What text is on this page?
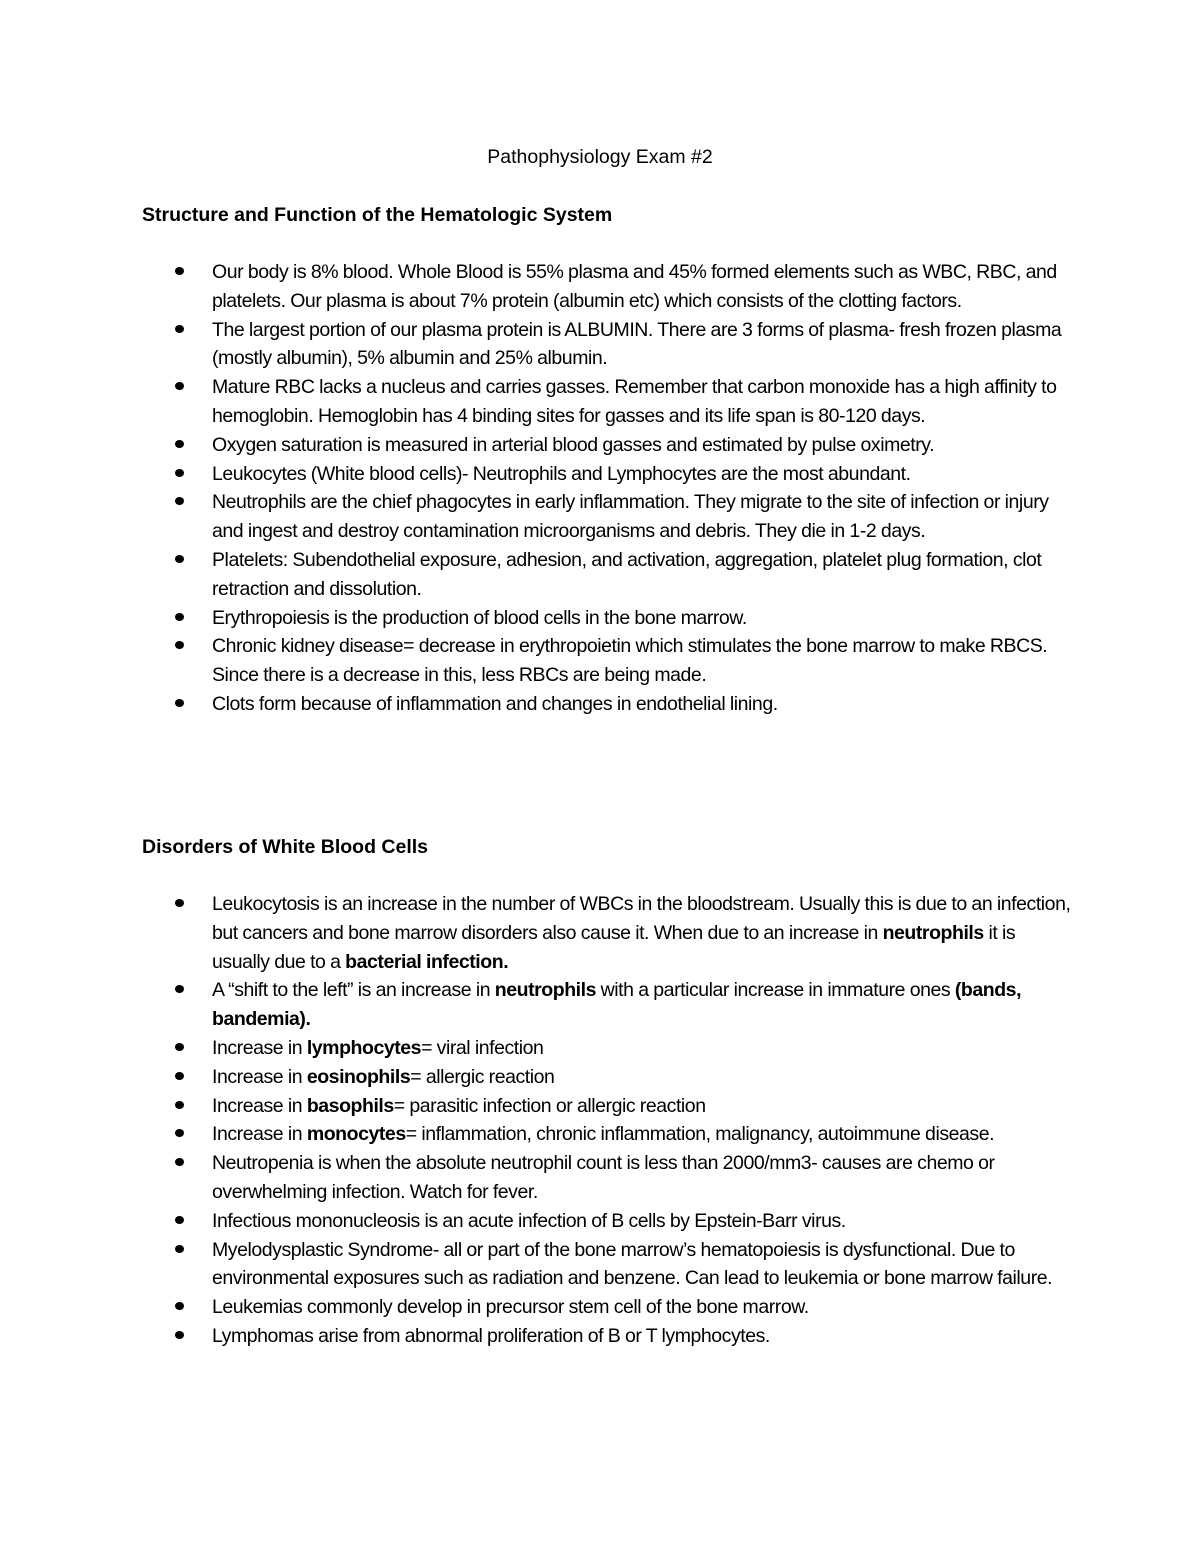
Pathophysiology Exam #2
Structure and Function of the Hematologic System
Our body is 8% blood. Whole Blood is 55% plasma and 45% formed elements such as WBC, RBC, and platelets. Our plasma is about 7% protein (albumin etc) which consists of the clotting factors.
The largest portion of our plasma protein is ALBUMIN. There are 3 forms of plasma- fresh frozen plasma (mostly albumin), 5% albumin and 25% albumin.
Mature RBC lacks a nucleus and carries gasses. Remember that carbon monoxide has a high affinity to hemoglobin. Hemoglobin has 4 binding sites for gasses and its life span is 80-120 days.
Oxygen saturation is measured in arterial blood gasses and estimated by pulse oximetry.
Leukocytes (White blood cells)- Neutrophils and Lymphocytes are the most abundant.
Neutrophils are the chief phagocytes in early inflammation. They migrate to the site of infection or injury and ingest and destroy contamination microorganisms and debris. They die in 1-2 days.
Platelets: Subendothelial exposure, adhesion, and activation, aggregation, platelet plug formation, clot retraction and dissolution.
Erythropoiesis is the production of blood cells in the bone marrow.
Chronic kidney disease= decrease in erythropoietin which stimulates the bone marrow to make RBCS. Since there is a decrease in this, less RBCs are being made.
Clots form because of inflammation and changes in endothelial lining.
Disorders of White Blood Cells
Leukocytosis is an increase in the number of WBCs in the bloodstream. Usually this is due to an infection, but cancers and bone marrow disorders also cause it. When due to an increase in neutrophils it is usually due to a bacterial infection.
A “shift to the left” is an increase in neutrophils with a particular increase in immature ones (bands, bandemia).
Increase in lymphocytes= viral infection
Increase in eosinophils= allergic reaction
Increase in basophils= parasitic infection or allergic reaction
Increase in monocytes= inflammation, chronic inflammation, malignancy, autoimmune disease.
Neutropenia is when the absolute neutrophil count is less than 2000/mm3- causes are chemo or overwhelming infection. Watch for fever.
Infectious mononucleosis is an acute infection of B cells by Epstein-Barr virus.
Myelodysplastic Syndrome- all or part of the bone marrow’s hematopoiesis is dysfunctional. Due to environmental exposures such as radiation and benzene. Can lead to leukemia or bone marrow failure.
Leukemias commonly develop in precursor stem cell of the bone marrow.
Lymphomas arise from abnormal proliferation of B or T lymphocytes.
